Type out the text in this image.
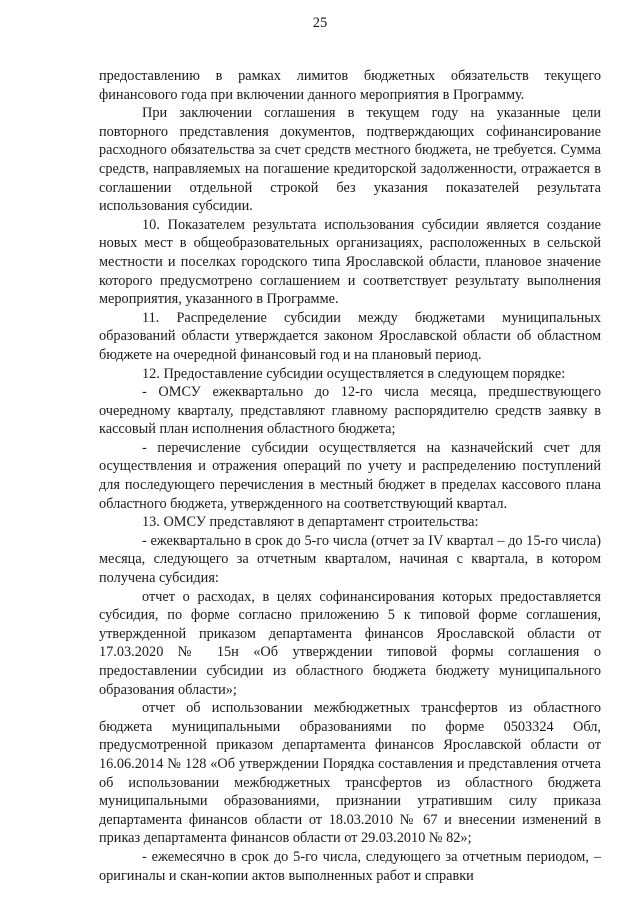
25

предоставлению в рамках лимитов бюджетных обязательств текущего финансового года при включении данного мероприятия в Программу.

При заключении соглашения в текущем году на указанные цели повторного представления документов, подтверждающих софинансирование расходного обязательства за счет средств местного бюджета, не требуется. Сумма средств, направляемых на погашение кредиторской задолженности, отражается в соглашении отдельной строкой без указания показателей результата использования субсидии.

10. Показателем результата использования субсидии является создание новых мест в общеобразовательных организациях, расположенных в сельской местности и поселках городского типа Ярославской области, плановое значение которого предусмотрено соглашением и соответствует результату выполнения мероприятия, указанного в Программе.

11. Распределение субсидии между бюджетами муниципальных образований области утверждается законом Ярославской области об областном бюджете на очередной финансовый год и на плановый период.

12. Предоставление субсидии осуществляется в следующем порядке:

- ОМСУ ежеквартально до 12-го числа месяца, предшествующего очередному кварталу, представляют главному распорядителю средств заявку в кассовый план исполнения областного бюджета;

- перечисление субсидии осуществляется на казначейский счет для осуществления и отражения операций по учету и распределению поступлений для последующего перечисления в местный бюджет в пределах кассового плана областного бюджета, утвержденного на соответствующий квартал.

13. ОМСУ представляют в департамент строительства:

- ежеквартально в срок до 5-го числа (отчет за IV квартал – до 15-го числа) месяца, следующего за отчетным кварталом, начиная с квартала, в котором получена субсидия:

отчет о расходах, в целях софинансирования которых предоставляется субсидия, по форме согласно приложению 5 к типовой форме соглашения, утвержденной приказом департамента финансов Ярославской области от 17.03.2020 № 15н «Об утверждении типовой формы соглашения о предоставлении субсидии из областного бюджета бюджету муниципального образования области»;

отчет об использовании межбюджетных трансфертов из областного бюджета муниципальными образованиями по форме 0503324 Обл, предусмотренной приказом департамента финансов Ярославской области от 16.06.2014 № 128 «Об утверждении Порядка составления и представления отчета об использовании межбюджетных трансфертов из областного бюджета муниципальными образованиями, признании утратившим силу приказа департамента финансов области от 18.03.2010 № 67 и внесении изменений в приказ департамента финансов области от 29.03.2010 № 82»;

- ежемесячно в срок до 5-го числа, следующего за отчетным периодом, – оригиналы и скан-копии актов выполненных работ и справки
